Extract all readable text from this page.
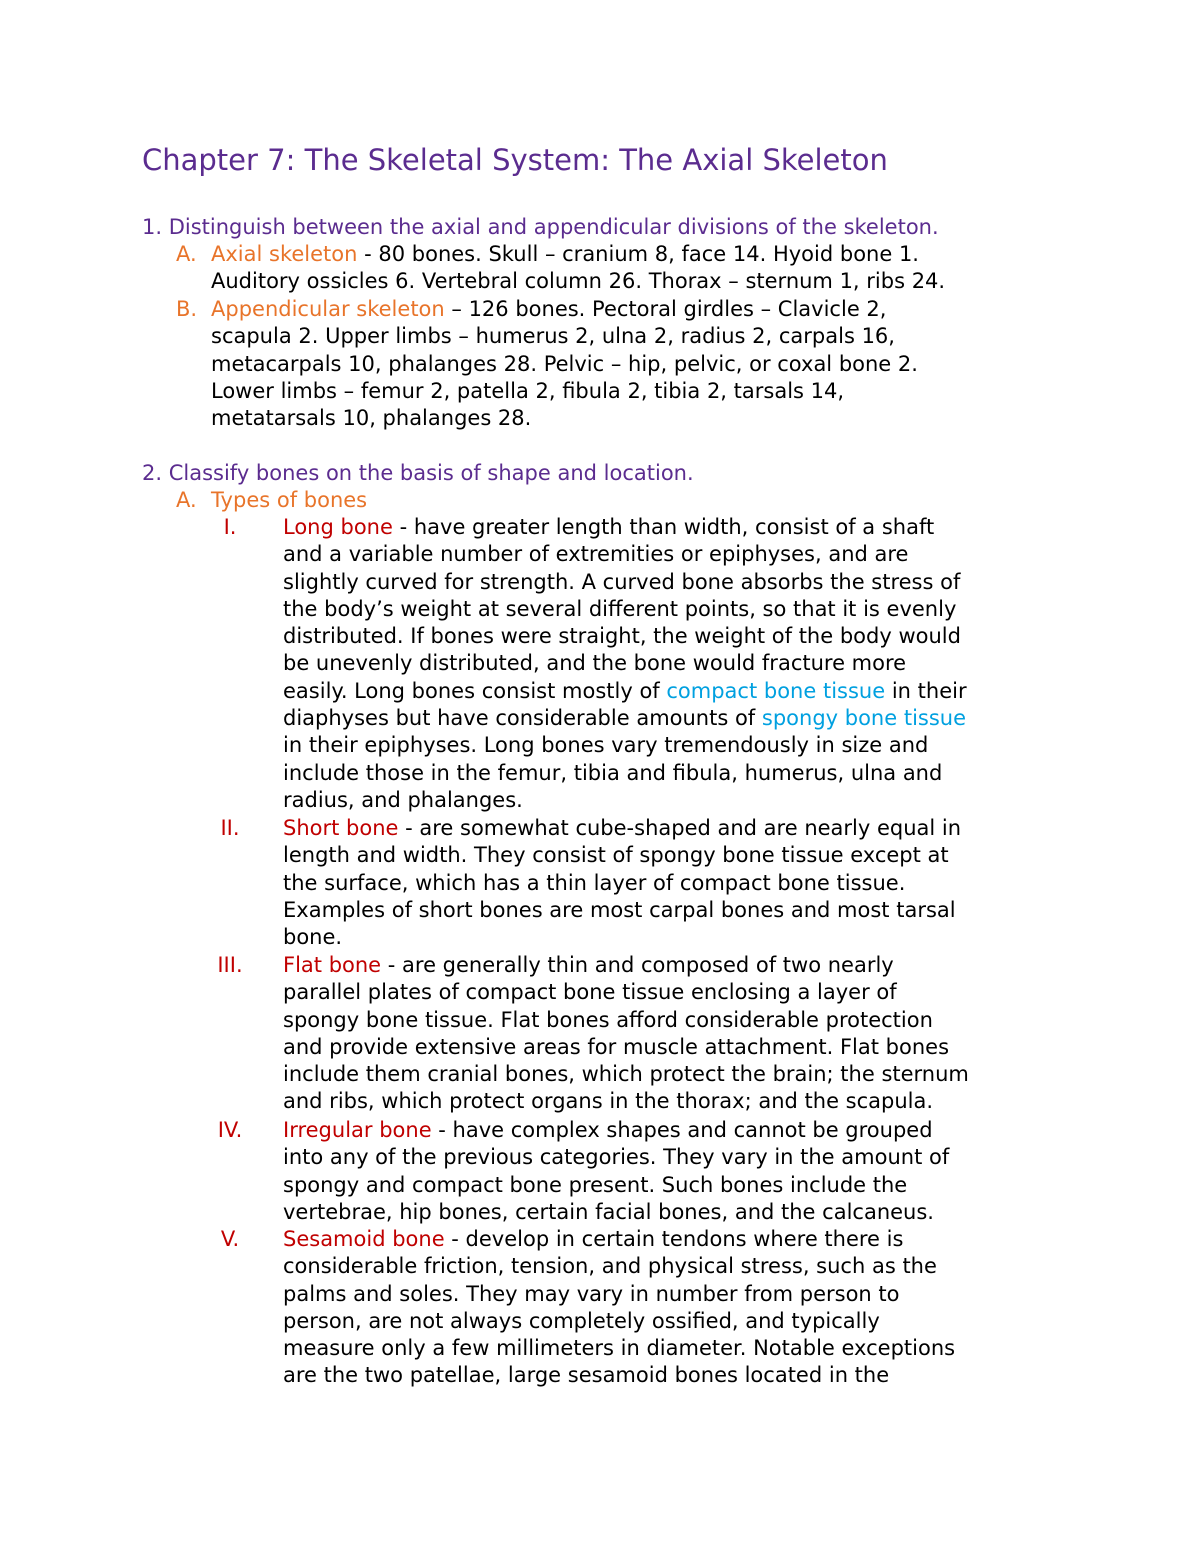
Chapter 7: The Skeletal System: The Axial Skeleton
1. Distinguish between the axial and appendicular divisions of the skeleton.
A. Axial skeleton - 80 bones. Skull – cranium 8, face 14. Hyoid bone 1.
Auditory ossicles 6. Vertebral column 26. Thorax – sternum 1, ribs 24.
B. Appendicular skeleton – 126 bones. Pectoral girdles – Clavicle 2,
scapula 2. Upper limbs – humerus 2, ulna 2, radius 2, carpals 16,
metacarpals 10, phalanges 28. Pelvic – hip, pelvic, or coxal bone 2.
Lower limbs – femur 2, patella 2, fibula 2, tibia 2, tarsals 14,
metatarsals 10, phalanges 28.
2. Classify bones on the basis of shape and location.
A. Types of bones
I.	Long bone - have greater length than width, consist of a shaft
and a variable number of extremities or epiphyses, and are
slightly curved for strength. A curved bone absorbs the stress of
the body’s weight at several different points, so that it is evenly
distributed. If bones were straight, the weight of the body would
be unevenly distributed, and the bone would fracture more
easily. Long bones consist mostly of compact bone tissue in their
diaphyses but have considerable amounts of spongy bone tissue
in their epiphyses. Long bones vary tremendously in size and
include those in the femur, tibia and fibula, humerus, ulna and
radius, and phalanges.
II.	Short bone - are somewhat cube-shaped and are nearly equal in
length and width. They consist of spongy bone tissue except at
the surface, which has a thin layer of compact bone tissue.
Examples of short bones are most carpal bones and most tarsal
bone.
III.	Flat bone - are generally thin and composed of two nearly
parallel plates of compact bone tissue enclosing a layer of
spongy bone tissue. Flat bones afford considerable protection
and provide extensive areas for muscle attachment. Flat bones
include them cranial bones, which protect the brain; the sternum
and ribs, which protect organs in the thorax; and the scapula.
IV.	Irregular bone - have complex shapes and cannot be grouped
into any of the previous categories. They vary in the amount of
spongy and compact bone present. Such bones include the
vertebrae, hip bones, certain facial bones, and the calcaneus.
V.	Sesamoid bone - develop in certain tendons where there is
considerable friction, tension, and physical stress, such as the
palms and soles. They may vary in number from person to
person, are not always completely ossified, and typically
measure only a few millimeters in diameter. Notable exceptions
are the two patellae, large sesamoid bones located in the
